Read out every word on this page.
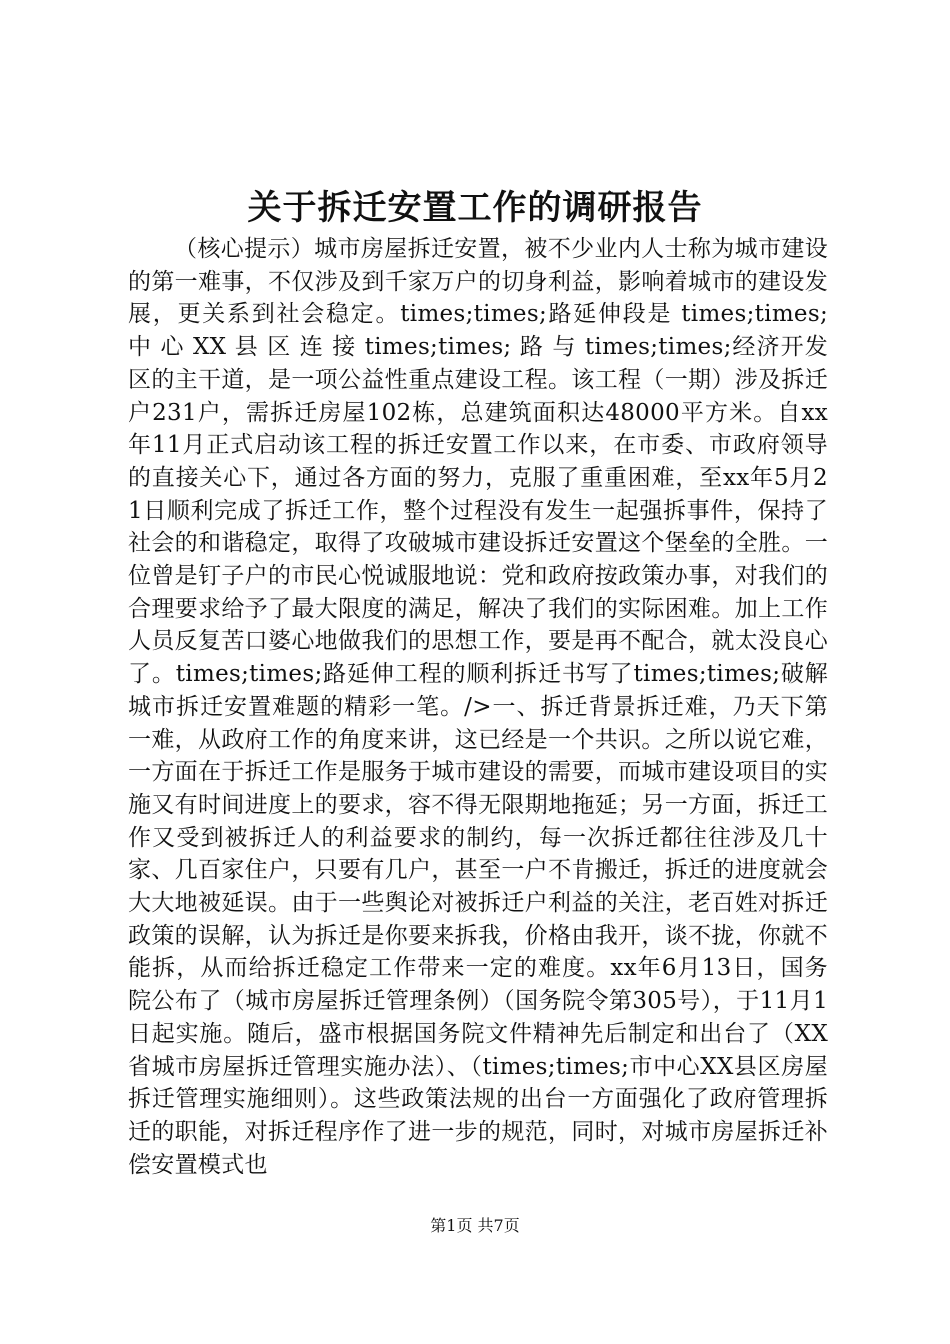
关于拆迁安置工作的调研报告

（核心提示）城市房屋拆迁安置，被不少业内人士称为城市建设的第一难事，不仅涉及到千家万户的切身利益，影响着城市的建设发展，更关系到社会稳定。times;times;路延伸段是 times;times; 中 心 XX 县 区 连 接 times;times; 路 与 times;times;经济开发区的主干道，是一项公益性重点建设工程。该工程（一期）涉及拆迁户231户，需拆迁房屋102栋，总建筑面积达48000平方米。自xx年11月正式启动该工程的拆迁安置工作以来，在市委、市政府领导的直接关心下，通过各方面的努力，克服了重重困难，至xx年5月21日顺利完成了拆迁工作，整个过程没有发生一起强拆事件，保持了社会的和谐稳定，取得了攻破城市建设拆迁安置这个堡垒的全胜。一位曾是钉子户的市民心悦诚服地说：党和政府按政策办事，对我们的合理要求给予了最大限度的满足，解决了我们的实际困难。加上工作人员反复苦口婆心地做我们的思想工作，要是再不配合，就太没良心了。times;times;路延伸工程的顺利拆迁书写了times;times;破解城市拆迁安置难题的精彩一笔。/>一、拆迁背景拆迁难，乃天下第一难，从政府工作的角度来讲，这已经是一个共识。之所以说它难，一方面在于拆迁工作是服务于城市建设的需要，而城市建设项目的实施又有时间进度上的要求，容不得无限期地拖延；另一方面，拆迁工作又受到被拆迁人的利益要求的制约，每一次拆迁都往往涉及几十家、几百家住户，只要有几户，甚至一户不肯搬迁，拆迁的进度就会大大地被延误。由于一些舆论对被拆迁户利益的关注，老百姓对拆迁政策的误解，认为拆迁是你要来拆我，价格由我开，谈不拢，你就不能拆，从而给拆迁稳定工作带来一定的难度。xx年6月13日，国务院公布了（城市房屋拆迁管理条例）（国务院令第305号），于11月1日起实施。随后，盛市根据国务院文件精神先后制定和出台了（XX省城市房屋拆迁管理实施办法）、（times;times;市中心XX县区房屋拆迁管理实施细则）。这些政策法规的出台一方面强化了政府管理拆迁的职能，对拆迁程序作了进一步的规范，同时，对城市房屋拆迁补偿安置模式也

第1页 共7页
